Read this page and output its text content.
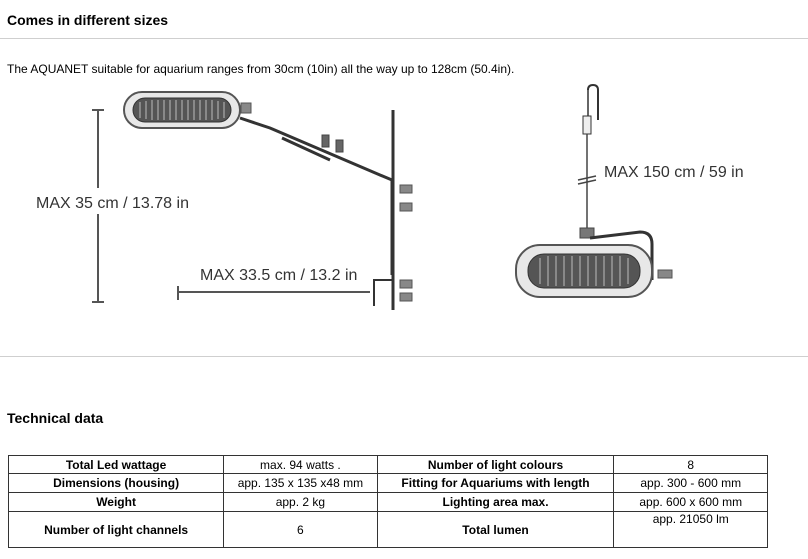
Comes in different sizes
The AQUANET suitable for aquarium ranges from 30cm (10in) all the way up to 128cm (50.4in).
MAX 35 cm / 13.78 in
MAX 33.5 cm / 13.2 in
MAX 150 cm / 59 in
Technical data
Total Led wattage	max. 94 watts .	Number of light colours	8
Dimensions (housing)	app. 135 x 135 x48 mm	Fitting for Aquariums with length	app. 300 - 600 mm
Weight	app. 2 kg	Lighting area max.	app. 600 x 600 mm
Number of light channels	6	Total lumen	app. 21050 lm
